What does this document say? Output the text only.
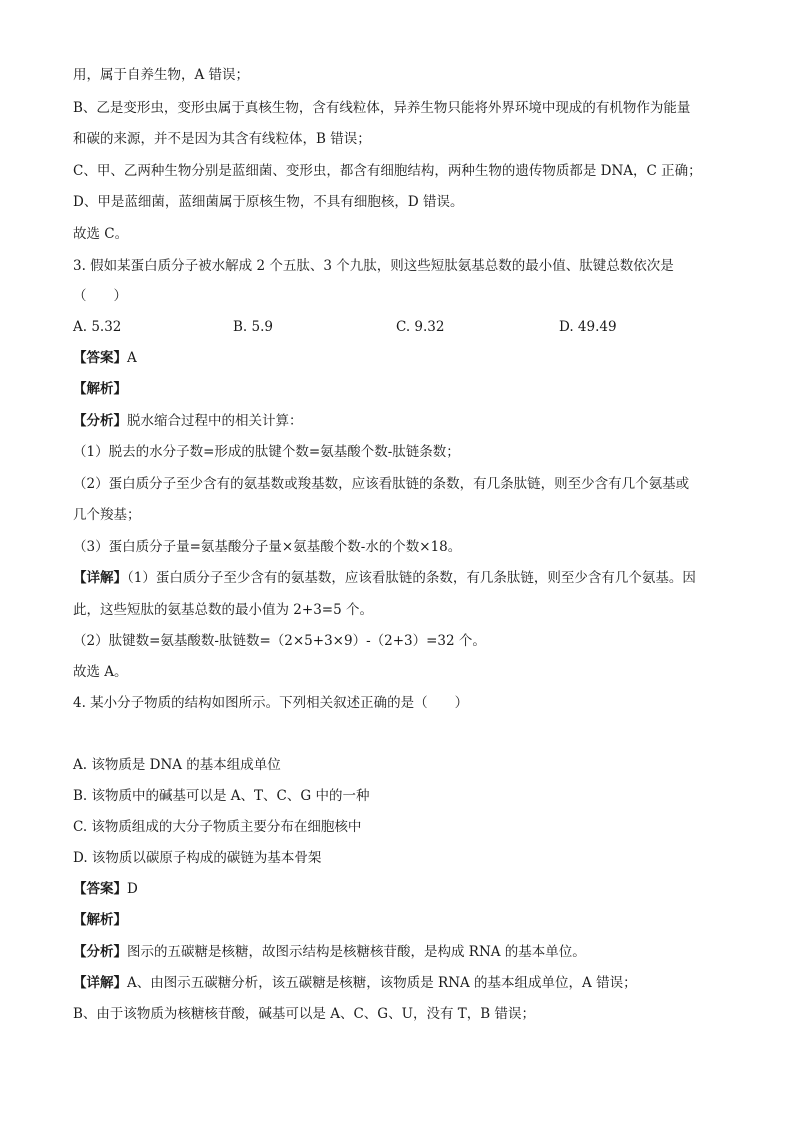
用，属于自养生物，A 错误；
B、乙是变形虫，变形虫属于真核生物，含有线粒体，异养生物只能将外界环境中现成的有机物作为能量
和碳的来源，并不是因为其含有线粒体，B 错误；
C、甲、乙两种生物分别是蓝细菌、变形虫，都含有细胞结构，两种生物的遗传物质都是 DNA，C 正确；
D、甲是蓝细菌，蓝细菌属于原核生物，不具有细胞核，D 错误。
故选 C。
3. 假如某蛋白质分子被水解成 2 个五肽、3 个九肽，则这些短肽氨基总数的最小值、肽键总数依次是
（　　）
A. 5.32	B. 5.9	C. 9.32	D. 49.49
【答案】A
【解析】
【分析】脱水缩合过程中的相关计算：
（1）脱去的水分子数=形成的肽键个数=氨基酸个数-肽链条数；
（2）蛋白质分子至少含有的氨基数或羧基数，应该看肽链的条数，有几条肽链，则至少含有几个氨基或
几个羧基；
（3）蛋白质分子量=氨基酸分子量×氨基酸个数-水的个数×18。
【详解】（1）蛋白质分子至少含有的氨基数，应该看肽链的条数，有几条肽链，则至少含有几个氨基。因
此，这些短肽的氨基总数的最小值为 2+3=5 个。
（2）肽键数=氨基酸数-肽链数=（2×5+3×9）-（2+3）=32 个。
故选 A。
4. 某小分子物质的结构如图所示。下列相关叙述正确的是（　　）
A. 该物质是 DNA 的基本组成单位
B. 该物质中的碱基可以是 A、T、C、G 中的一种
C. 该物质组成的大分子物质主要分布在细胞核中
D. 该物质以碳原子构成的碳链为基本骨架
【答案】D
【解析】
【分析】图示的五碳糖是核糖，故图示结构是核糖核苷酸，是构成 RNA 的基本单位。
【详解】A、由图示五碳糖分析，该五碳糖是核糖，该物质是 RNA 的基本组成单位，A 错误；
B、由于该物质为核糖核苷酸，碱基可以是 A、C、G、U，没有 T，B 错误；
